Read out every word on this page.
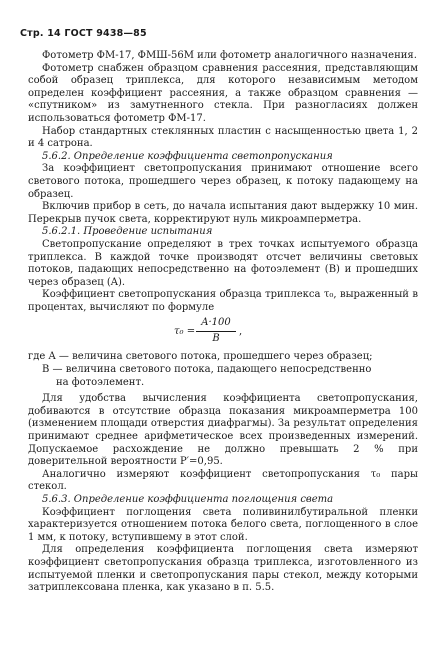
Стр. 14 ГОСТ 9438—85

Фотометр ФМ-17, ФМШ-56М или фотометр аналогичного назначения.

Фотометр снабжен образцом сравнения рассеяния, представляющим собой образец триплекса, для которого независимым методом определен коэффициент рассеяния, а также образцом сравнения — «спутником» из замутненного стекла. При разногласиях должен использоваться фотометр ФМ-17.

Набор стандартных стеклянных пластин с насыщенностью цвета 1, 2 и 4 сатрона.

5.6.2. Определение коэффициента светопропускания

За коэффициент светопропускания принимают отношение всего светового потока, прошедшего через образец, к потоку падающему на образец.

Включив прибор в сеть, до начала испытания дают выдержку 10 мин. Перекрыв пучок света, корректируют нуль микроамперметра.

5.6.2.1. Проведение испытания

Светопропускание определяют в трех точках испытуемого образца триплекса. В каждой точке производят отсчет величины световых потоков, падающих непосредственно на фотоэлемент (B) и прошедших через образец (A).

Коэффициент светопропускания образца триплекса τ₀, выраженный в процентах, вычисляют по формуле

$\tau_0 = \frac{A\cdot 100}{B}$ ,

где A — величина светового потока, прошедшего через образец;

B — величина светового потока, падающего непосредственно

на фотоэлемент.

Для удобства вычисления коэффициента светопропускания, добиваются в отсутствие образца показания микроамперметра 100 (изменением площади отверстия диафрагмы). За результат определения принимают среднее арифметическое всех произведенных измерений. Допускаемое расхождение не должно превышать 2 % при доверительной вероятности P′=0,95.

Аналогично измеряют коэффициент светопропускания τ₀ пары стекол.

5.6.3. Определение коэффициента поглощения света

Коэффициент поглощения света поливинилбутиральной пленки характеризуется отношением потока белого света, поглощенного в слое 1 мм, к потоку, вступившему в этот слой.

Для определения коэффициента поглощения света измеряют коэффициент светопропускания образца триплекса, изготовленного из испытуемой пленки и светопропускания пары стекол, между которыми затриплексована пленка, как указано в п. 5.5.
